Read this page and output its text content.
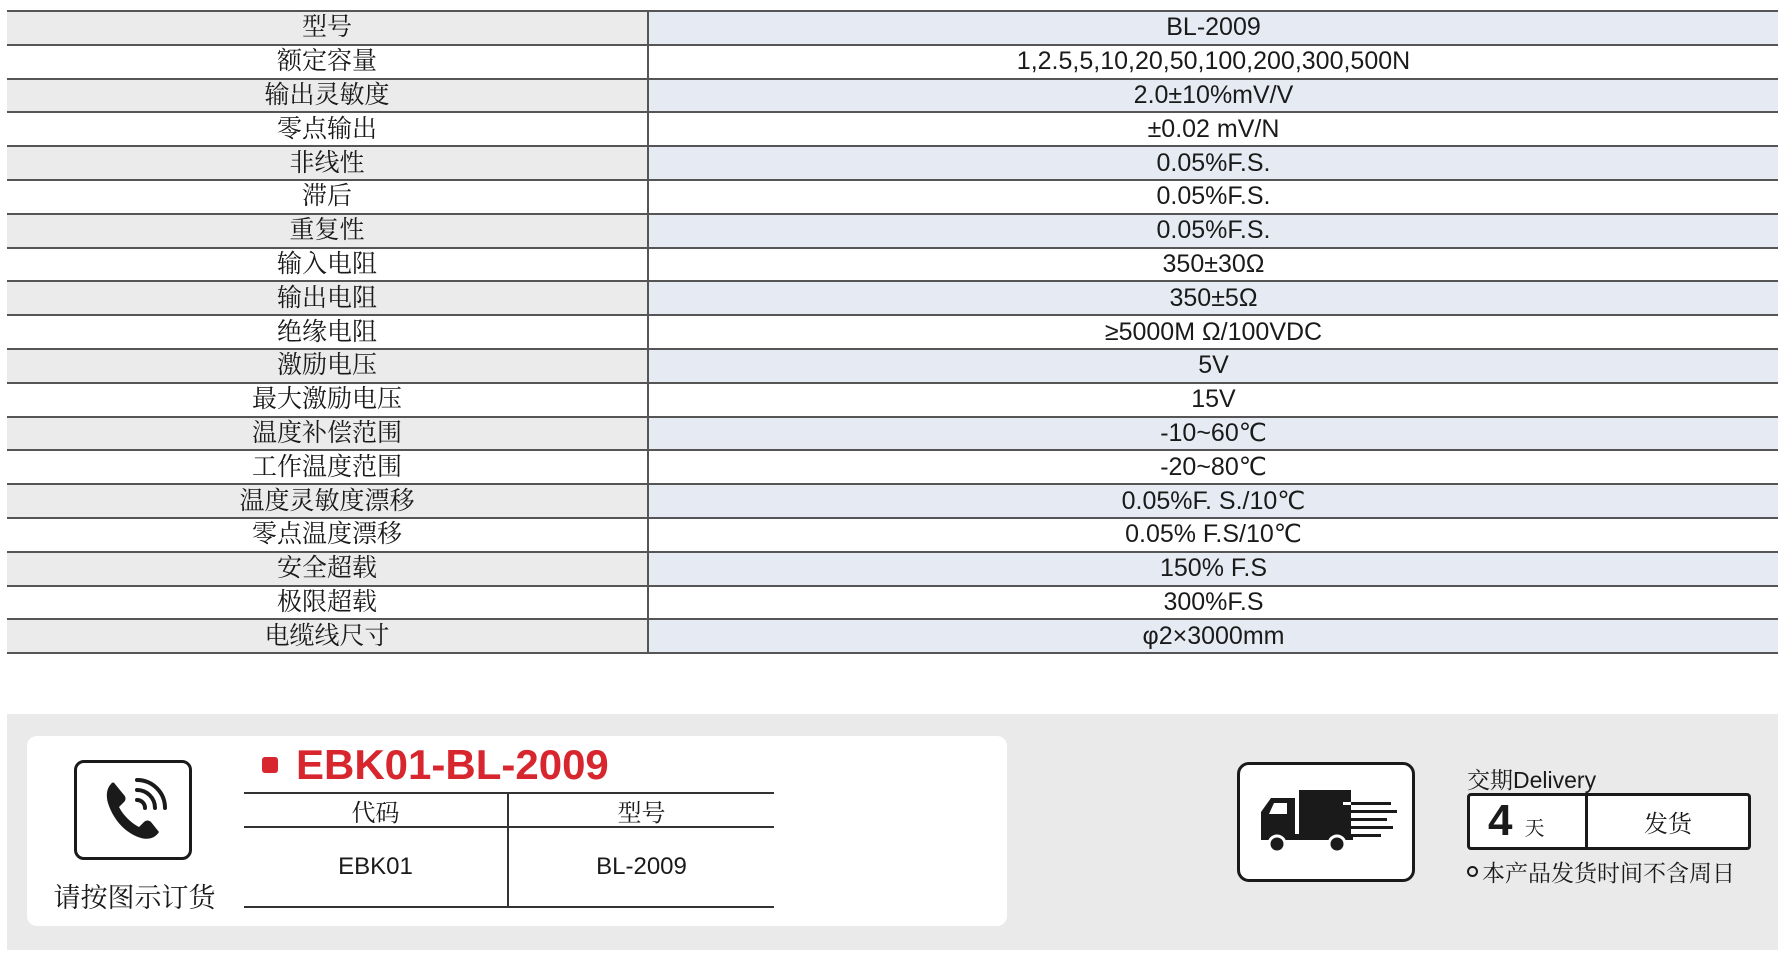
型号	BL-2009
额定容量	1,2.5,5,10,20,50,100,200,300,500N
输出灵敏度	2.0±10%mV/V
零点输出	±0.02 mV/N
非线性	0.05%F.S.
滞后	0.05%F.S.
重复性	0.05%F.S.
输入电阻	350±30Ω
输出电阻	350±5Ω
绝缘电阻	≥5000M Ω/100VDC
激励电压	5V
最大激励电压	15V
温度补偿范围	-10~60℃
工作温度范围	-20~80℃
温度灵敏度漂移	0.05%F. S./10℃
零点温度漂移	0.05% F.S/10℃
安全超载	150% F.S
极限超载	300%F.S
电缆线尺寸	φ2×3000mm
请按图示订货
EBK01-BL-2009
代码	型号
EBK01	BL-2009
交期Delivery
4 天	发货
本产品发货时间不含周日
